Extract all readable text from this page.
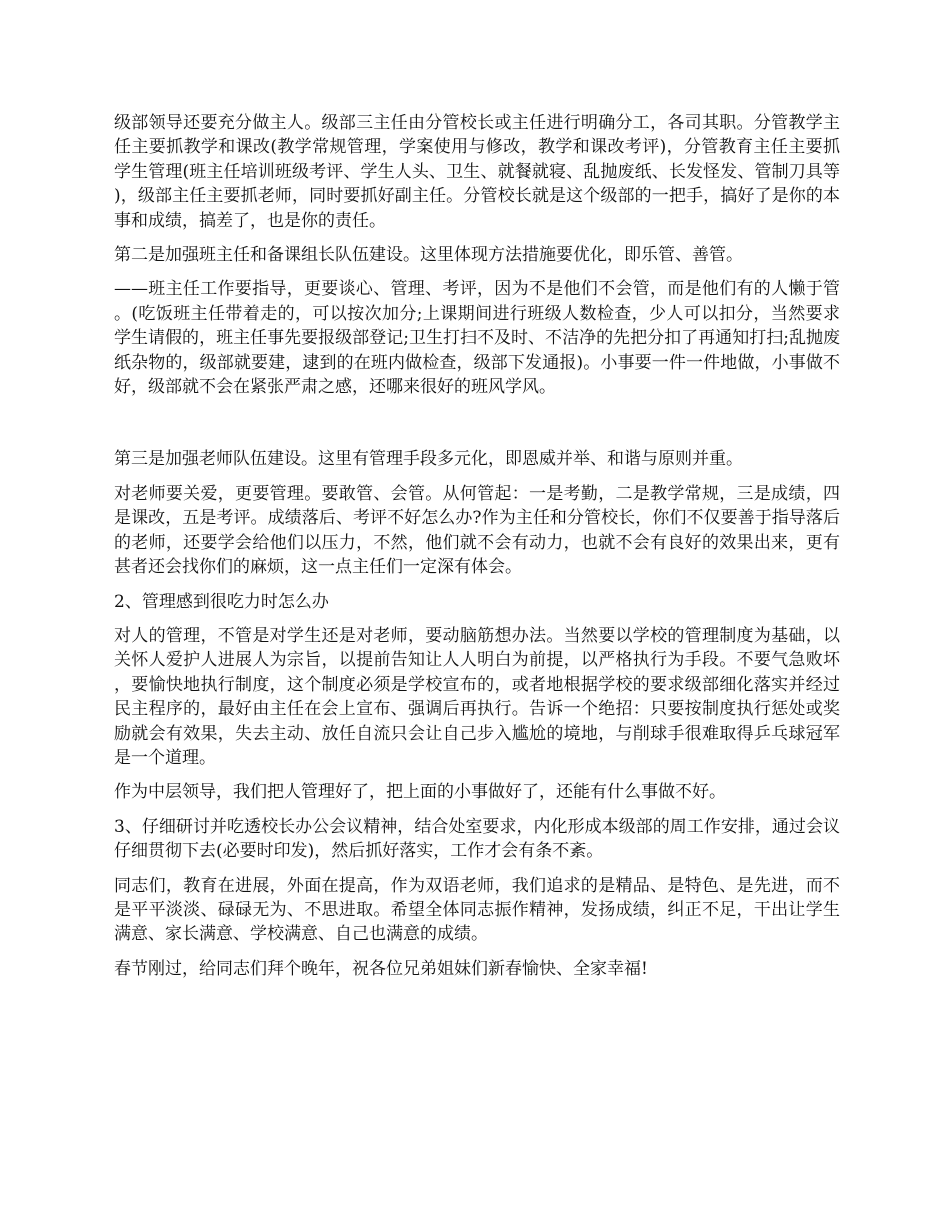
级部领导还要充分做主人。级部三主任由分管校长或主任进行明确分工，各司其职。分管教学主任主要抓教学和课改(教学常规管理，学案使用与修改，教学和课改考评)，分管教育主任主要抓学生管理(班主任培训班级考评、学生人头、卫生、就餐就寝、乱抛废纸、长发怪发、管制刀具等)，级部主任主要抓老师，同时要抓好副主任。分管校长就是这个级部的一把手，搞好了是你的本事和成绩，搞差了，也是你的责任。

第二是加强班主任和备课组长队伍建设。这里体现方法措施要优化，即乐管、善管。

——班主任工作要指导，更要谈心、管理、考评，因为不是他们不会管，而是他们有的人懒于管。(吃饭班主任带着走的，可以按次加分;上课期间进行班级人数检查，少人可以扣分，当然要求学生请假的，班主任事先要报级部登记;卫生打扫不及时、不洁净的先把分扣了再通知打扫;乱抛废纸杂物的，级部就要建，逮到的在班内做检查，级部下发通报)。小事要一件一件地做，小事做不好，级部就不会在紧张严肃之感，还哪来很好的班风学风。

第三是加强老师队伍建设。这里有管理手段多元化，即恩威并举、和谐与原则并重。

对老师要关爱，更要管理。要敢管、会管。从何管起：一是考勤，二是教学常规，三是成绩，四是课改，五是考评。成绩落后、考评不好怎么办?作为主任和分管校长，你们不仅要善于指导落后的老师，还要学会给他们以压力，不然，他们就不会有动力，也就不会有良好的效果出来，更有甚者还会找你们的麻烦，这一点主任们一定深有体会。

2、管理感到很吃力时怎么办

对人的管理，不管是对学生还是对老师，要动脑筋想办法。当然要以学校的管理制度为基础，以关怀人爱护人进展人为宗旨，以提前告知让人人明白为前提，以严格执行为手段。不要气急败坏，要愉快地执行制度，这个制度必须是学校宣布的，或者地根据学校的要求级部细化落实并经过民主程序的，最好由主任在会上宣布、强调后再执行。告诉一个绝招：只要按制度执行惩处或奖励就会有效果，失去主动、放任自流只会让自己步入尴尬的境地，与削球手很难取得乒乓球冠军是一个道理。

作为中层领导，我们把人管理好了，把上面的小事做好了，还能有什么事做不好。

3、仔细研讨并吃透校长办公会议精神，结合处室要求，内化形成本级部的周工作安排，通过会议仔细贯彻下去(必要时印发)，然后抓好落实，工作才会有条不紊。

同志们，教育在进展，外面在提高，作为双语老师，我们追求的是精品、是特色、是先进，而不是平平淡淡、碌碌无为、不思进取。希望全体同志振作精神，发扬成绩，纠正不足，干出让学生满意、家长满意、学校满意、自己也满意的成绩。

春节刚过，给同志们拜个晚年，祝各位兄弟姐妹们新春愉快、全家幸福!
